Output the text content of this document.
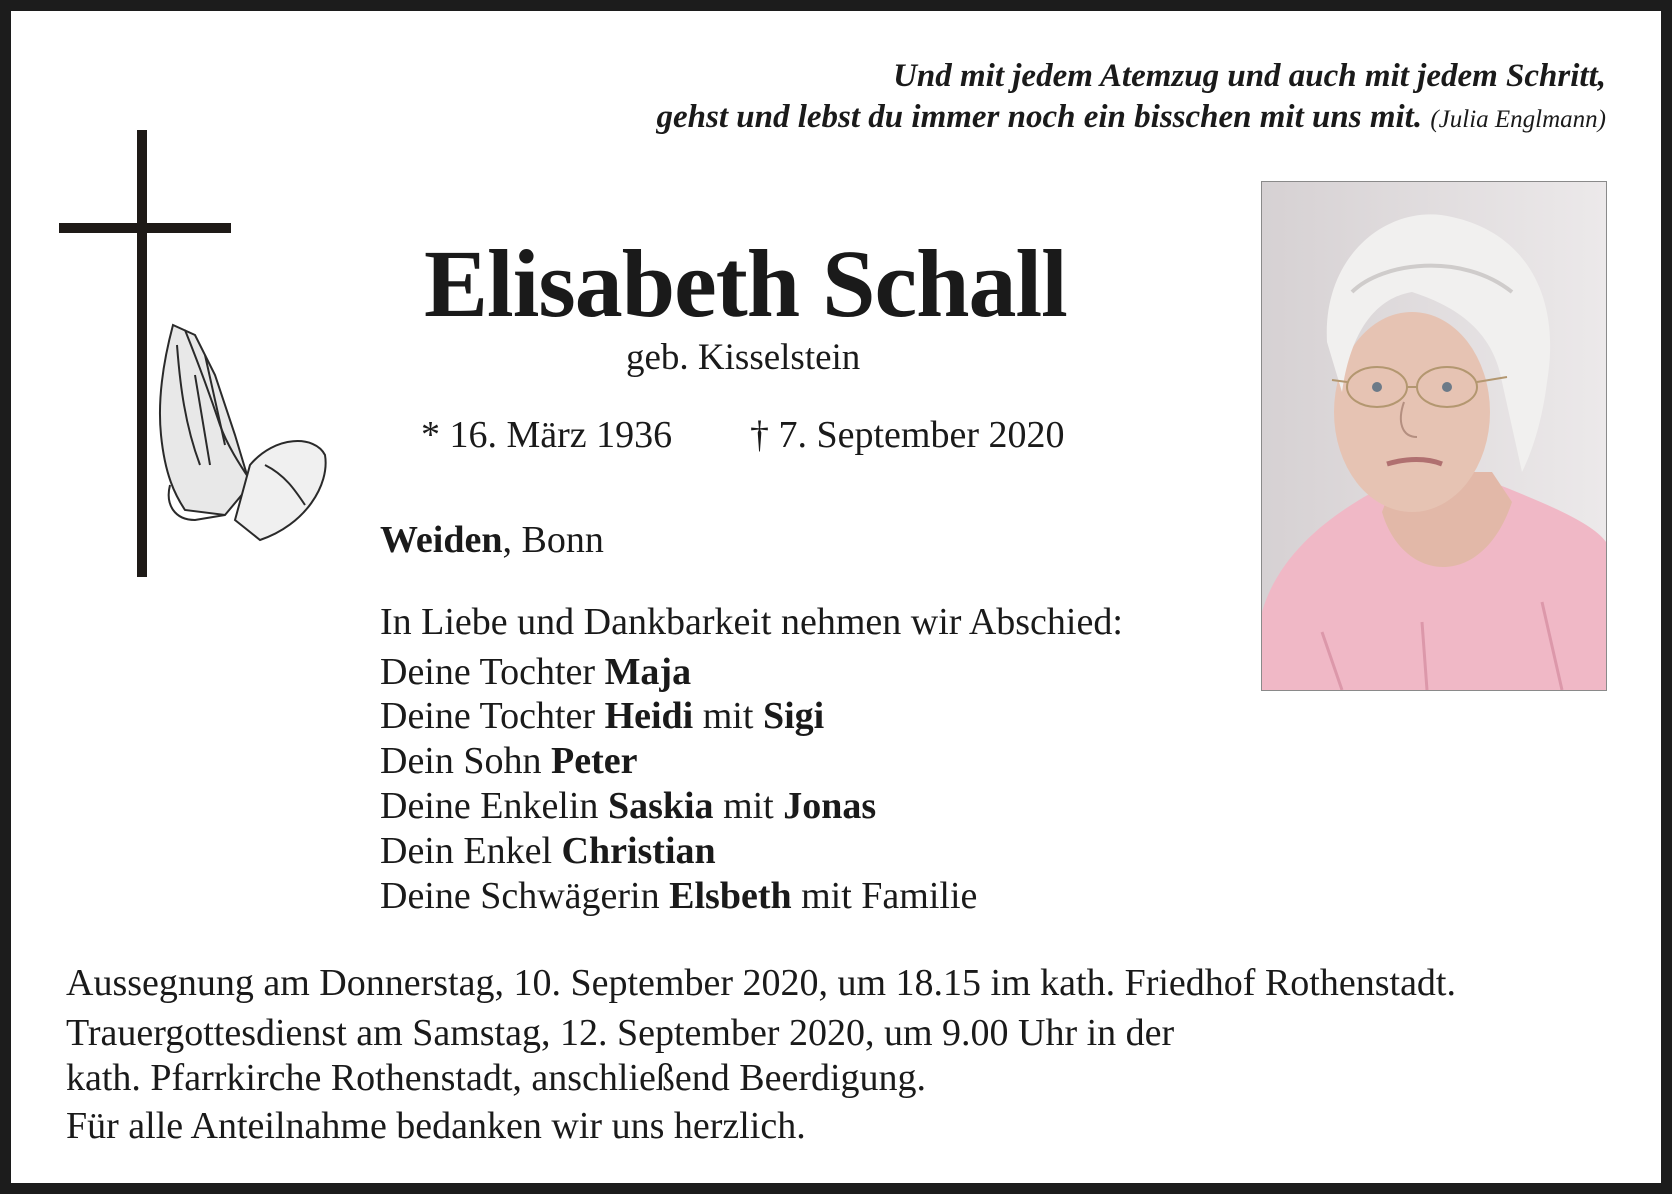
Und mit jedem Atemzug und auch mit jedem Schritt,
gehst und lebst du immer noch ein bisschen mit uns mit. (Julia Englmann)
Elisabeth Schall
geb. Kisselstein
* 16. März 1936 † 7. September 2020
Weiden, Bonn
In Liebe und Dankbarkeit nehmen wir Abschied:
Deine Tochter Maja
Deine Tochter Heidi mit Sigi
Dein Sohn Peter
Deine Enkelin Saskia mit Jonas
Dein Enkel Christian
Deine Schwägerin Elsbeth mit Familie
Aussegnung am Donnerstag, 10. September 2020, um 18.15 im kath. Friedhof Rothenstadt.
Trauergottesdienst am Samstag, 12. September 2020, um 9.00 Uhr in der
kath. Pfarrkirche Rothenstadt, anschließend Beerdigung.
Für alle Anteilnahme bedanken wir uns herzlich.
